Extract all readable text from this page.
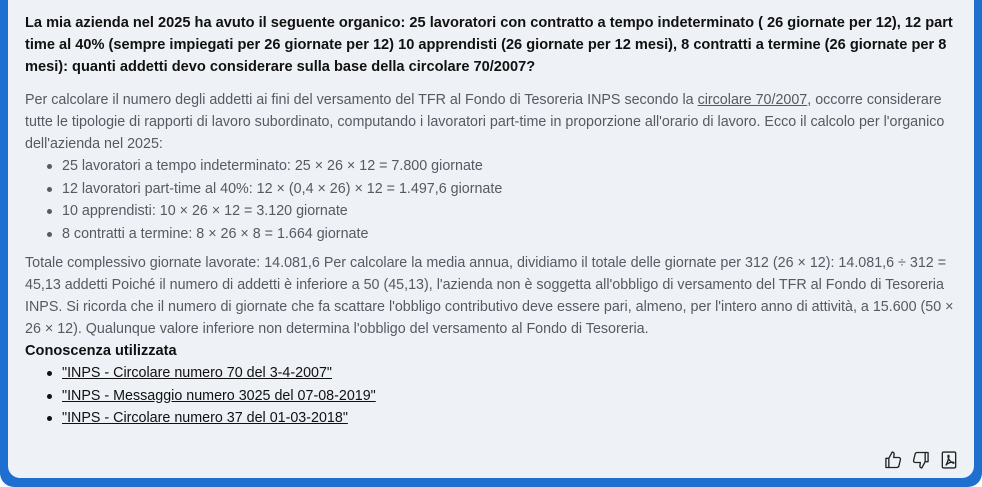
La mia azienda nel 2025 ha avuto il seguente organico: 25 lavoratori con contratto a tempo indeterminato ( 26 giornate per 12), 12 part time al 40% (sempre impiegati per 26 giornate per 12) 10 apprendisti (26 giornate per 12 mesi), 8 contratti a termine (26 giornate per 8 mesi): quanti addetti devo considerare sulla base della circolare 70/2007?

Per calcolare il numero degli addetti ai fini del versamento del TFR al Fondo di Tesoreria INPS secondo la circolare 70/2007, occorre considerare tutte le tipologie di rapporti di lavoro subordinato, computando i lavoratori part-time in proporzione all'orario di lavoro. Ecco il calcolo per l'organico dell'azienda nel 2025:

25 lavoratori a tempo indeterminato: 25 × 26 × 12 = 7.800 giornate
12 lavoratori part-time al 40%: 12 × (0,4 × 26) × 12 = 1.497,6 giornate
10 apprendisti: 10 × 26 × 12 = 3.120 giornate
8 contratti a termine: 8 × 26 × 8 = 1.664 giornate

Totale complessivo giornate lavorate: 14.081,6 Per calcolare la media annua, dividiamo il totale delle giornate per 312 (26 × 12): 14.081,6 ÷ 312 = 45,13 addetti Poiché il numero di addetti è inferiore a 50 (45,13), l'azienda non è soggetta all'obbligo di versamento del TFR al Fondo di Tesoreria INPS. Si ricorda che il numero di giornate che fa scattare l'obbligo contributivo deve essere pari, almeno, per l'intero anno di attività, a 15.600 (50 × 26 × 12). Qualunque valore inferiore non determina l'obbligo del versamento al Fondo di Tesoreria.

Conoscenza utilizzata

"INPS - Circolare numero 70 del 3-4-2007"
"INPS - Messaggio numero 3025 del 07-08-2019"
"INPS - Circolare numero 37 del 01-03-2018"
